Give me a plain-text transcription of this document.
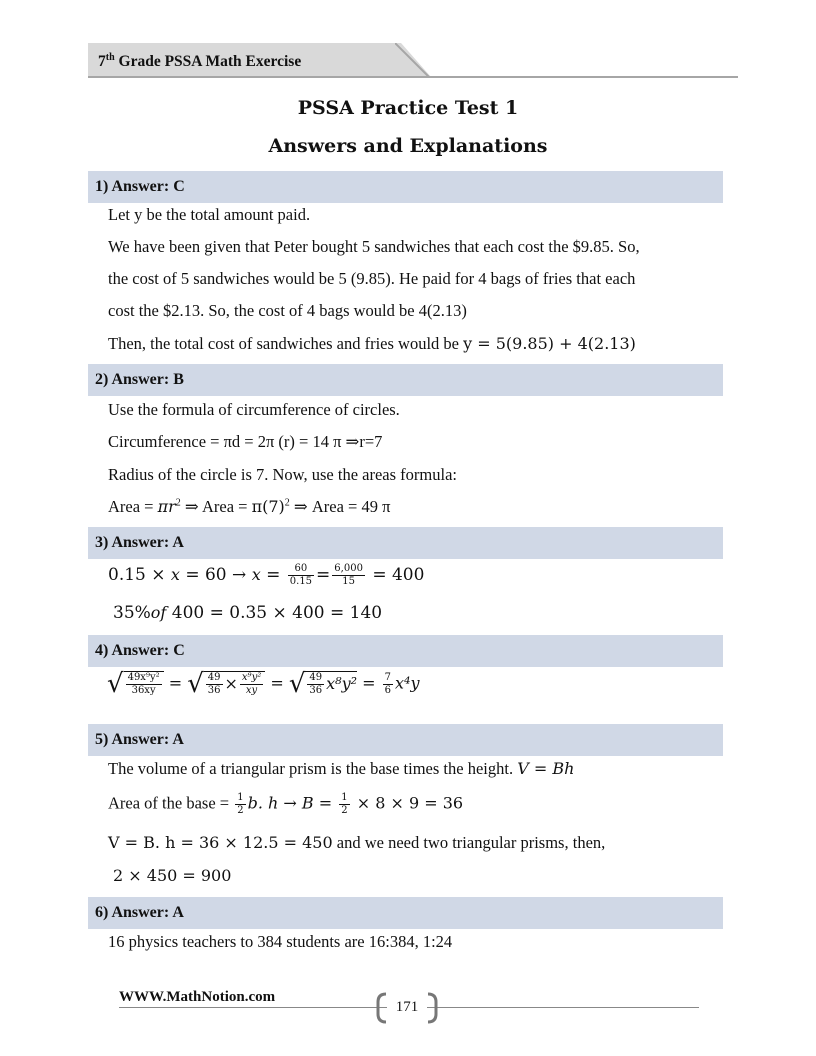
7th Grade PSSA Math Exercise
PSSA Practice Test 1
Answers and Explanations
1) Answer: C
Let y be the total amount paid.
We have been given that Peter bought 5 sandwiches that each cost the $9.85. So,
the cost of 5 sandwiches would be 5 (9.85). He paid for 4 bags of fries that each
cost the $2.13. So, the cost of 4 bags would be 4(2.13)
Then, the total cost of sandwiches and fries would be y = 5(9.85) + 4(2.13)
2) Answer: B
Use the formula of circumference of circles.
Circumference = πd = 2π (r) = 14 π ⇒r=7
Radius of the circle is 7. Now, use the areas formula:
Area = $\pi r^2$ ⇒ Area = $\pi(7)^2$ ⇒ Area = 49 π
3) Answer: A
$0.15 \times x = 60 \to x = \frac{60}{0.15} = \frac{6,000}{15} = 400$
35%of 400 = 0.35 × 400 = 140
4) Answer: C
√ $\frac{\text{49x⁹y²}}{36xy}$ = √ $\frac{49}{36} \times \frac{\text{x⁹y²}}{xy}$ = √ $\frac{49}{36} x^8y^2 = \frac{7}{6} x^4y$
5) Answer: A
The volume of a triangular prism is the base times the height. V = Bh
Area of the base = $\frac{1}{2} b$. $h \to B = \frac{1}{2} \times 8 \times 9 = 36$
V = B. h = 36 × 12.5 = 450 and we need two triangular prisms, then,
2 × 450 = 900
6) Answer: A
16 physics teachers to 384 students are 16:384, 1:24
WWW.MathNotion.com
171
